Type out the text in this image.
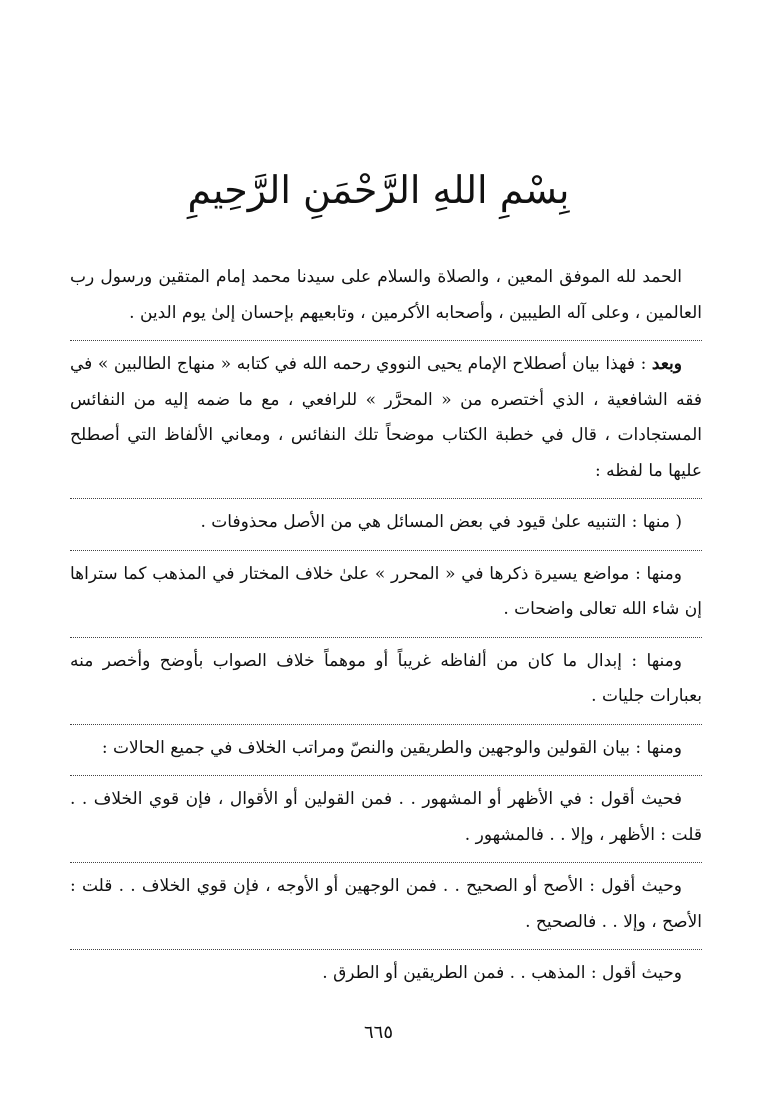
بِسْمِ اللهِ الرَّحْمَنِ الرَّحِيمِ

الحمد لله الموفق المعين ، والصلاة والسلام على سيدنا محمد إمام المتقين ورسول رب العالمين ، وعلى آله الطيبين ، وأصحابه الأكرمين ، وتابعيهم بإحسان إلىٰ يوم الدين .

وبعد : فهذا بيان أصطلاح الإمام يحيى النووي رحمه الله في كتابه « منهاج الطالبين » في فقه الشافعية ، الذي أختصره من « المحرَّر » للرافعي ، مع ما ضمه إليه من النفائس المستجادات ، قال في خطبة الكتاب موضحاً تلك النفائس ، ومعاني الألفاظ التي أصطلح عليها ما لفظه :

( منها : التنبيه علىٰ قيود في بعض المسائل هي من الأصل محذوفات .

ومنها : مواضع يسيرة ذكرها في « المحرر » علىٰ خلاف المختار في المذهب كما ستراها إن شاء الله تعالى واضحات .

ومنها : إبدال ما كان من ألفاظه غريباً أو موهماً خلاف الصواب بأوضح وأخصر منه بعبارات جليات .

ومنها : بيان القولين والوجهين والطريقين والنصّ ومراتب الخلاف في جميع الحالات :

فحيث أقول : في الأظهر أو المشهور . . فمن القولين أو الأقوال ، فإن قوي الخلاف . . قلت : الأظهر ، وإلا . . فالمشهور .

وحيث أقول : الأصح أو الصحيح . . فمن الوجهين أو الأوجه ، فإن قوي الخلاف . . قلت : الأصح ، وإلا . . فالصحيح .

وحيث أقول : المذهب . . فمن الطريقين أو الطرق .

٦٦٥
